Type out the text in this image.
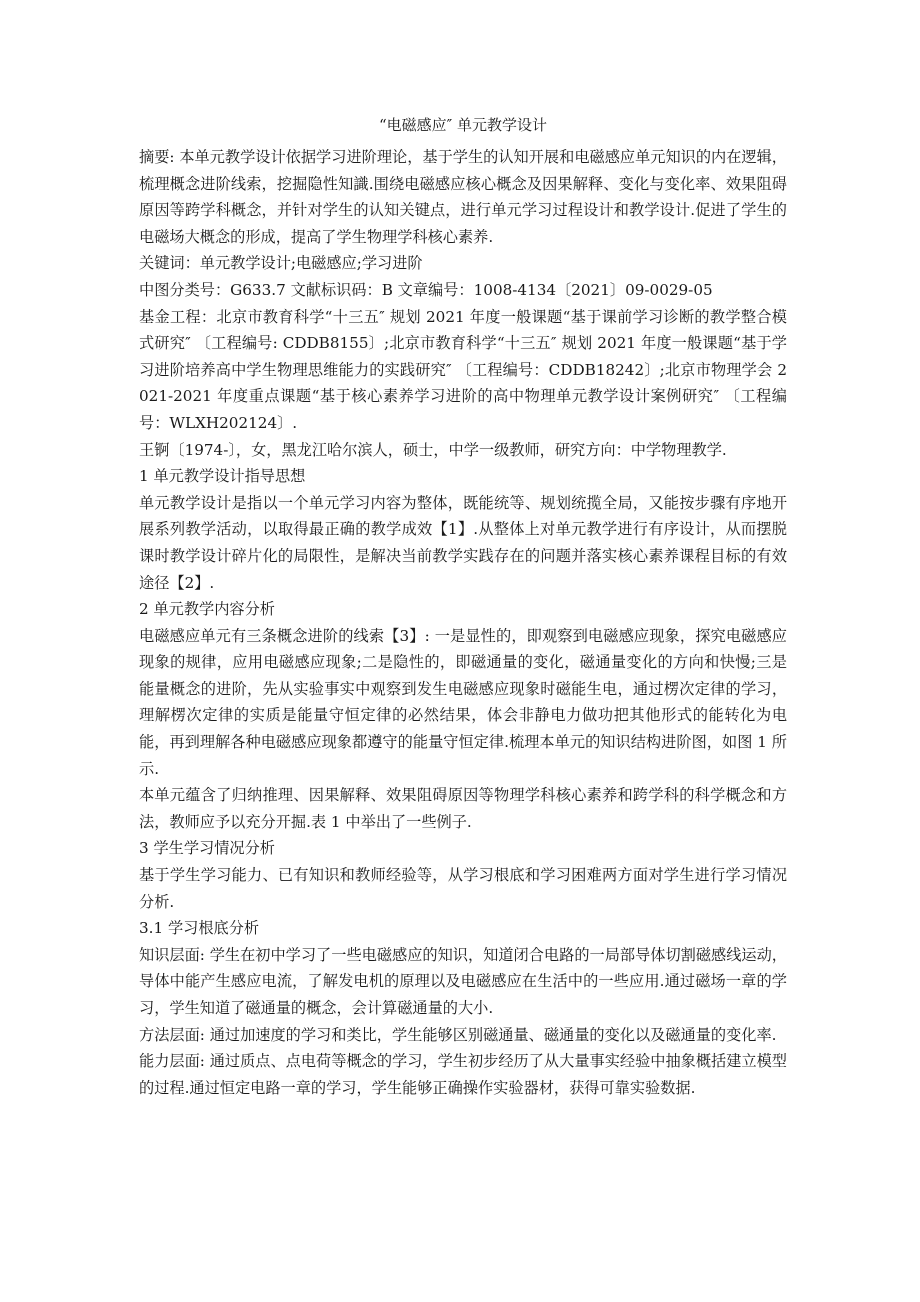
“电磁感应″ 单元教学设计

摘要: 本单元教学设计依据学习进阶理论，基于学生的认知开展和电磁感应单元知识的内在逻辑，梳理概念进阶线索，挖掘隐性知識.围绕电磁感应核心概念及因果解释、变化与变化率、效果阻碍原因等跨学科概念，并针对学生的认知关键点，进行单元学习过程设计和教学设计.促进了学生的电磁场大概念的形成，提高了学生物理学科核心素养.

关键词：单元教学设计;电磁感应;学习进阶

中图分类号：G633.7 文献标识码：B 文章编号：1008-4134〔2021〕09-0029-05

基金工程：北京市教育科学“十三五″ 规划 2021 年度一般课题“基于课前学习诊断的教学整合模式研究″ 〔工程编号: CDDB8155〕;北京市教育科学“十三五″ 规划 2021 年度一般课题“基于学习进阶培养高中学生物理思维能力的实践研究″ 〔工程编号：CDDB18242〕;北京市物理学会 2021-2021 年度重点课题“基于核心素养学习进阶的高中物理单元教学设计案例研究″ 〔工程编号：WLXH202124〕.

王锕〔1974-〕，女，黑龙江哈尔滨人，硕士，中学一级教师，研究方向：中学物理教学.

1 单元教学设计指导思想

单元教学设计是指以一个单元学习内容为整体，既能统等、规划统揽全局，又能按步骤有序地开展系列教学活动，以取得最正确的教学成效【1】.从整体上对单元教学进行有序设计，从而摆脱课时教学设计碎片化的局限性，是解决当前教学实践存在的问题并落实核心素养课程目标的有效途径【2】.

2 单元教学内容分析

电磁感应单元有三条概念进阶的线索【3】: 一是显性的，即观察到电磁感应现象，探究电磁感应现象的规律，应用电磁感应现象;二是隐性的，即磁通量的变化，磁通量变化的方向和快慢;三是能量概念的进阶，先从实验事实中观察到发生电磁感应现象时磁能生电，通过楞次定律的学习，理解楞次定律的实质是能量守恒定律的必然结果，体会非静电力做功把其他形式的能转化为电能，再到理解各种电磁感应现象都遵守的能量守恒定律.梳理本单元的知识结构进阶图，如图 1 所示.

本单元蕴含了归纳推理、因果解释、效果阻碍原因等物理学科核心素养和跨学科的科学概念和方法，教师应予以充分开掘.表 1 中举出了一些例子.

3 学生学习情况分析

基于学生学习能力、已有知识和教师经验等，从学习根底和学习困难两方面对学生进行学习情况分析.

3.1 学习根底分析

知识层面: 学生在初中学习了一些电磁感应的知识，知道闭合电路的一局部导体切割磁感线运动，导体中能产生感应电流，了解发电机的原理以及电磁感应在生活中的一些应用.通过磁场一章的学习，学生知道了磁通量的概念，会计算磁通量的大小.

方法层面: 通过加速度的学习和类比，学生能够区别磁通量、磁通量的变化以及磁通量的变化率.

能力层面: 通过质点、点电荷等概念的学习，学生初步经历了从大量事实经验中抽象概括建立模型的过程.通过恒定电路一章的学习，学生能够正确操作实验器材，获得可靠实验数据.
